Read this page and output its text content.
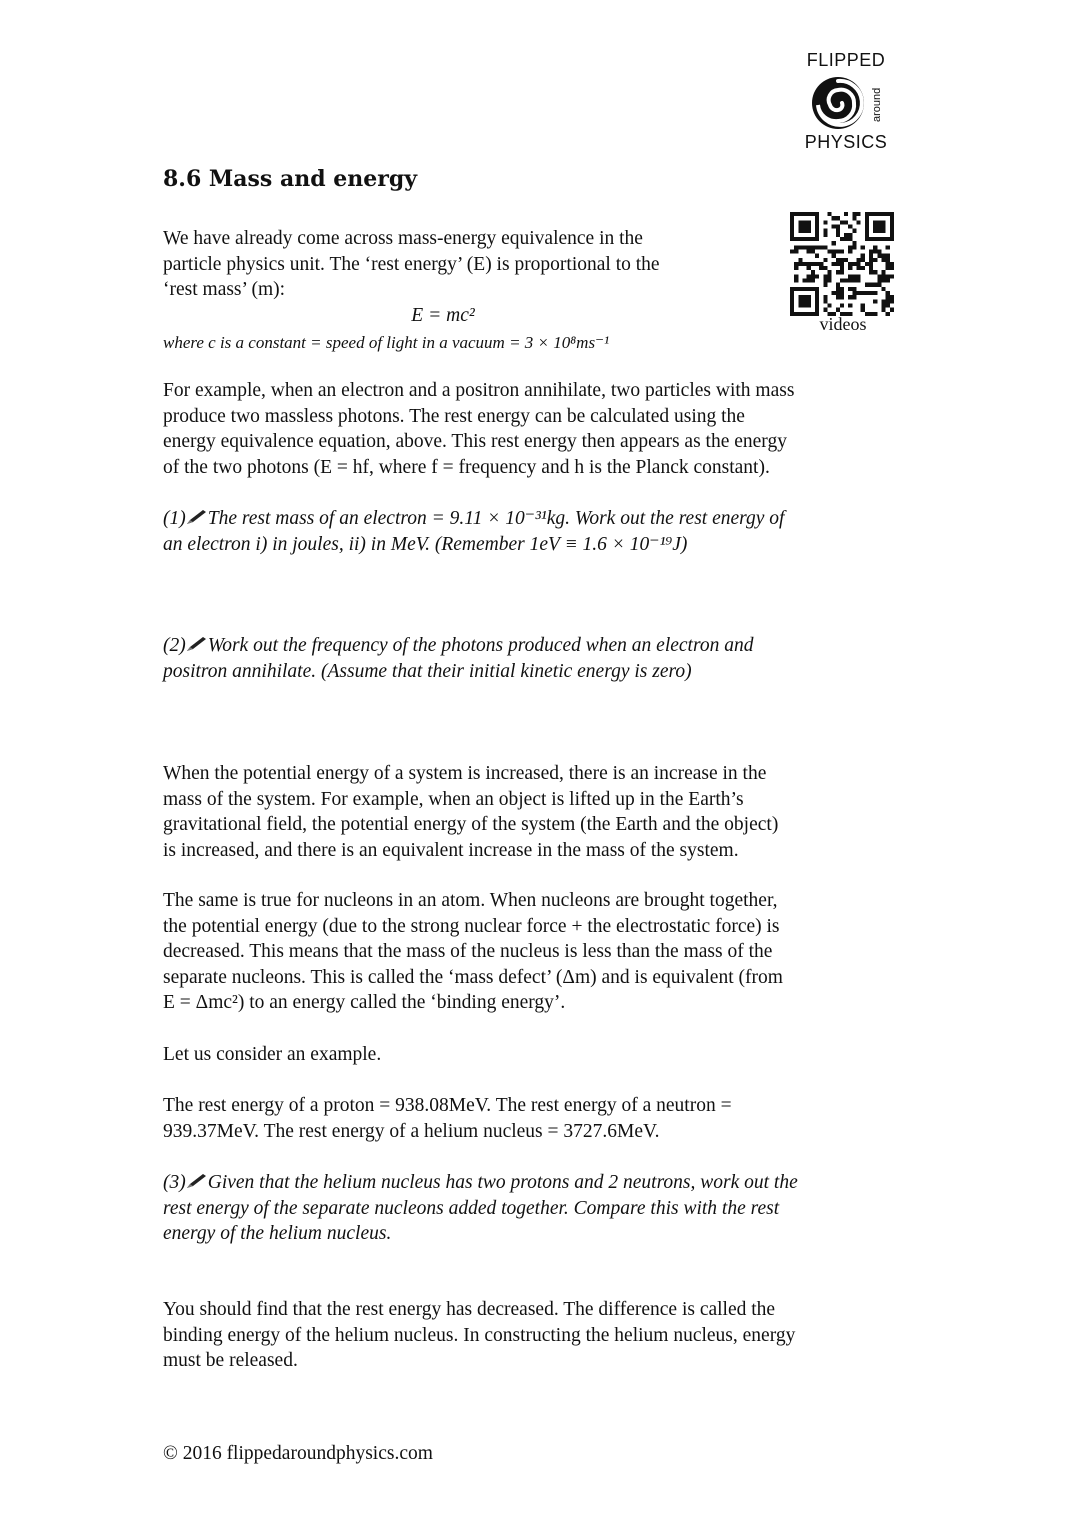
FLIPPED
around
PHYSICS
8.6 Mass and energy
videos

We have already come across mass-energy equivalence in the

particle physics unit. The ‘rest energy’ (E) is proportional to the

‘rest mass’ (m):

E = mc²
where c is a constant = speed of light in a vacuum = 3 × 10⁸ms⁻¹

For example, when an electron and a positron annihilate, two particles with mass

produce two massless photons. The rest energy can be calculated using the

energy equivalence equation, above. This rest energy then appears as the energy

of the two photons (E = hf, where f = frequency and h is the Planck constant).

(1) The rest mass of an electron = 9.11 × 10⁻³¹kg. Work out the rest energy of

an electron i) in joules, ii) in MeV. (Remember 1eV ≡ 1.6 × 10⁻¹⁹J)

(2) Work out the frequency of the photons produced when an electron and

positron annihilate. (Assume that their initial kinetic energy is zero)

When the potential energy of a system is increased, there is an increase in the

mass of the system. For example, when an object is lifted up in the Earth’s

gravitational field, the potential energy of the system (the Earth and the object)

is increased, and there is an equivalent increase in the mass of the system.

The same is true for nucleons in an atom. When nucleons are brought together,

the potential energy (due to the strong nuclear force + the electrostatic force) is

decreased. This means that the mass of the nucleus is less than the mass of the

separate nucleons. This is called the ‘mass defect’ (Δm) and is equivalent (from

E = Δmc²) to an energy called the ‘binding energy’.

Let us consider an example.

The rest energy of a proton = 938.08MeV. The rest energy of a neutron =

939.37MeV. The rest energy of a helium nucleus = 3727.6MeV.

(3) Given that the helium nucleus has two protons and 2 neutrons, work out the

rest energy of the separate nucleons added together. Compare this with the rest

energy of the helium nucleus.

You should find that the rest energy has decreased. The difference is called the

binding energy of the helium nucleus. In constructing the helium nucleus, energy

must be released.

© 2016 flippedaroundphysics.com
